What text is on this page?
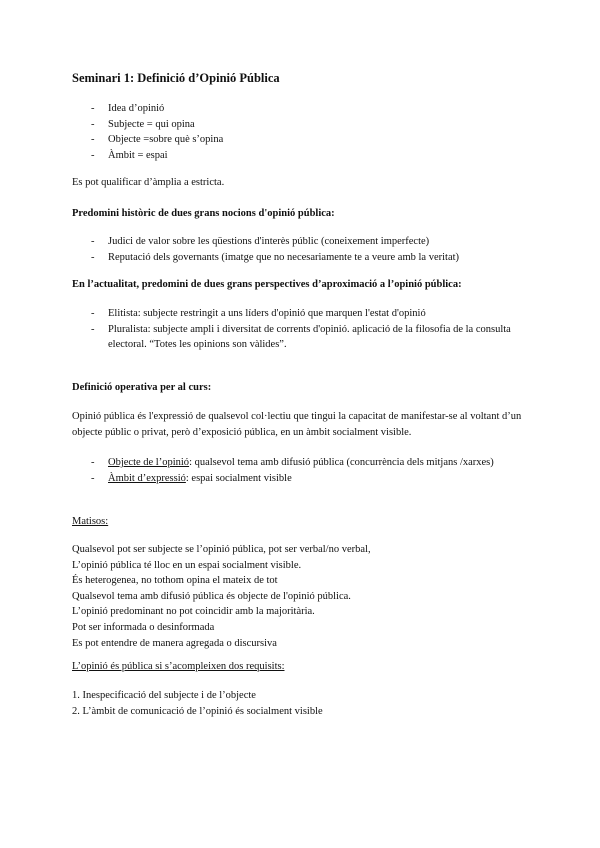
Seminari 1: Definició d’Opinió Pública
- Idea d’opinió
- Subjecte = qui opina
- Objecte =sobre què s’opina
- Àmbit = espai

Es pot qualificar d’àmplia a estricta.

Predomini històric de dues grans nocions d'opinió pública:
- Judici de valor sobre les qüestions d'interès públic (coneixement imperfecte)
- Reputació dels governants (imatge que no necesariamente te a veure amb la veritat)
En l’actualitat, predomini de dues grans perspectives d’aproximació a l’opinió pública:
- Elitista: subjecte restringit a uns líders d'opinió que marquen l'estat d'opinió
- Pluralista: subjecte ampli i diversitat de corrents d'opinió. aplicació de la filosofia de la consulta electoral. “Totes les opinions son vàlides”.
Definició operativa per al curs:

Opinió pública és l'expressió de qualsevol col·lectiu que tingui la capacitat de manifestar-se al voltant d’un objecte públic o privat, però d’exposició pública, en un àmbit socialment visible.

- Objecte de l’opinió: qualsevol tema amb difusió pública (concurrència dels mitjans /xarxes)
- Àmbit d’expressió: espai socialment visible
Matisos:
Qualsevol pot ser subjecte se l’opinió pública, pot ser verbal/no verbal,
L’opinió pública té lloc en un espai socialment visible.
És heterogenea, no tothom opina el mateix de tot
Qualsevol tema amb difusió pública és objecte de l'opinió pública.
L’opinió predominant no pot coincidir amb la majoritària.
Pot ser informada o desinformada
Es pot entendre de manera agregada o discursiva
L’opinió és pública si s’acompleixen dos requisits:
1. Inespecificació del subjecte i de l’objecte
2. L’àmbit de comunicació de l’opinió és socialment visible
